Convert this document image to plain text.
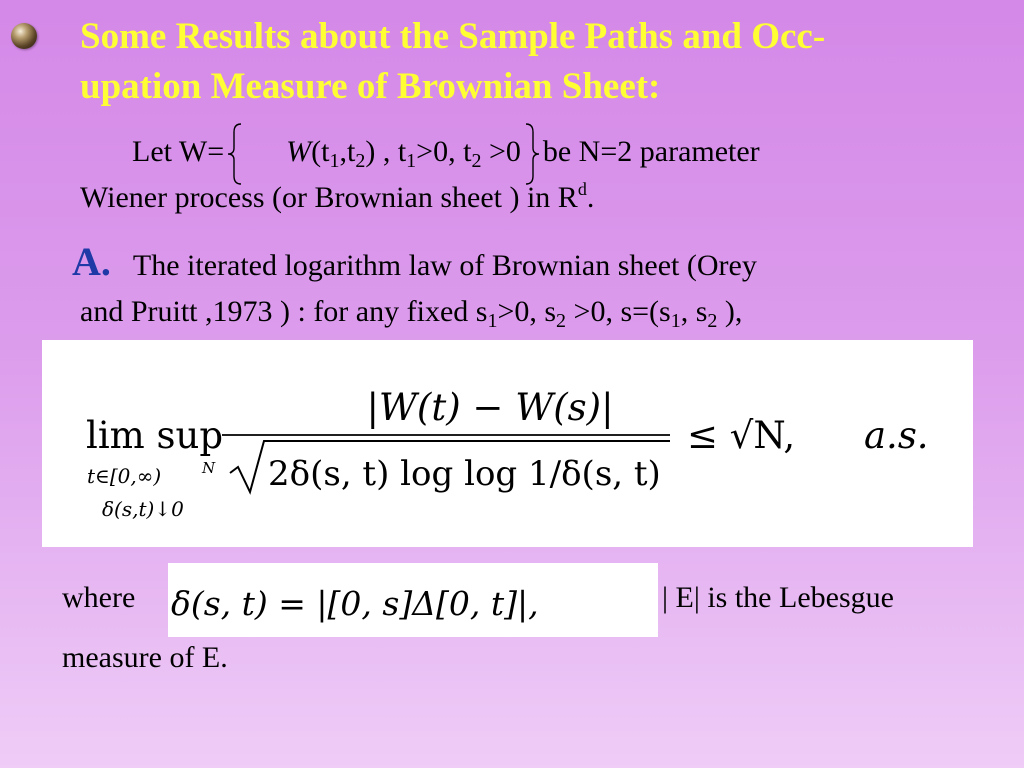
Some Results about the Sample Paths and Occ-
upation Measure of Brownian Sheet:
Let $W= W(t_1,t_2)$ , $t_1>0$, $t_2 >0$ be N=2 parameter
Wiener process (or Brownian sheet ) in $R^d$.
A. The iterated logarithm law of Brownian sheet (Orey
and Pruitt ,1973 ) : for any fixed $s_1>0$, $s_2 >0$, $s=(s_1$, $s_2$ ),
lim sup
t∈[0,∞)	N
δ(s,t)↓0
|W(t) − W(s)|
2δ(s, t) log log 1/δ(s, t)
≤ √N, a.s.
where δ(s, t) = |[0, s]Δ[0, t]|,	| E| is the Lebesgue
measure of E.
